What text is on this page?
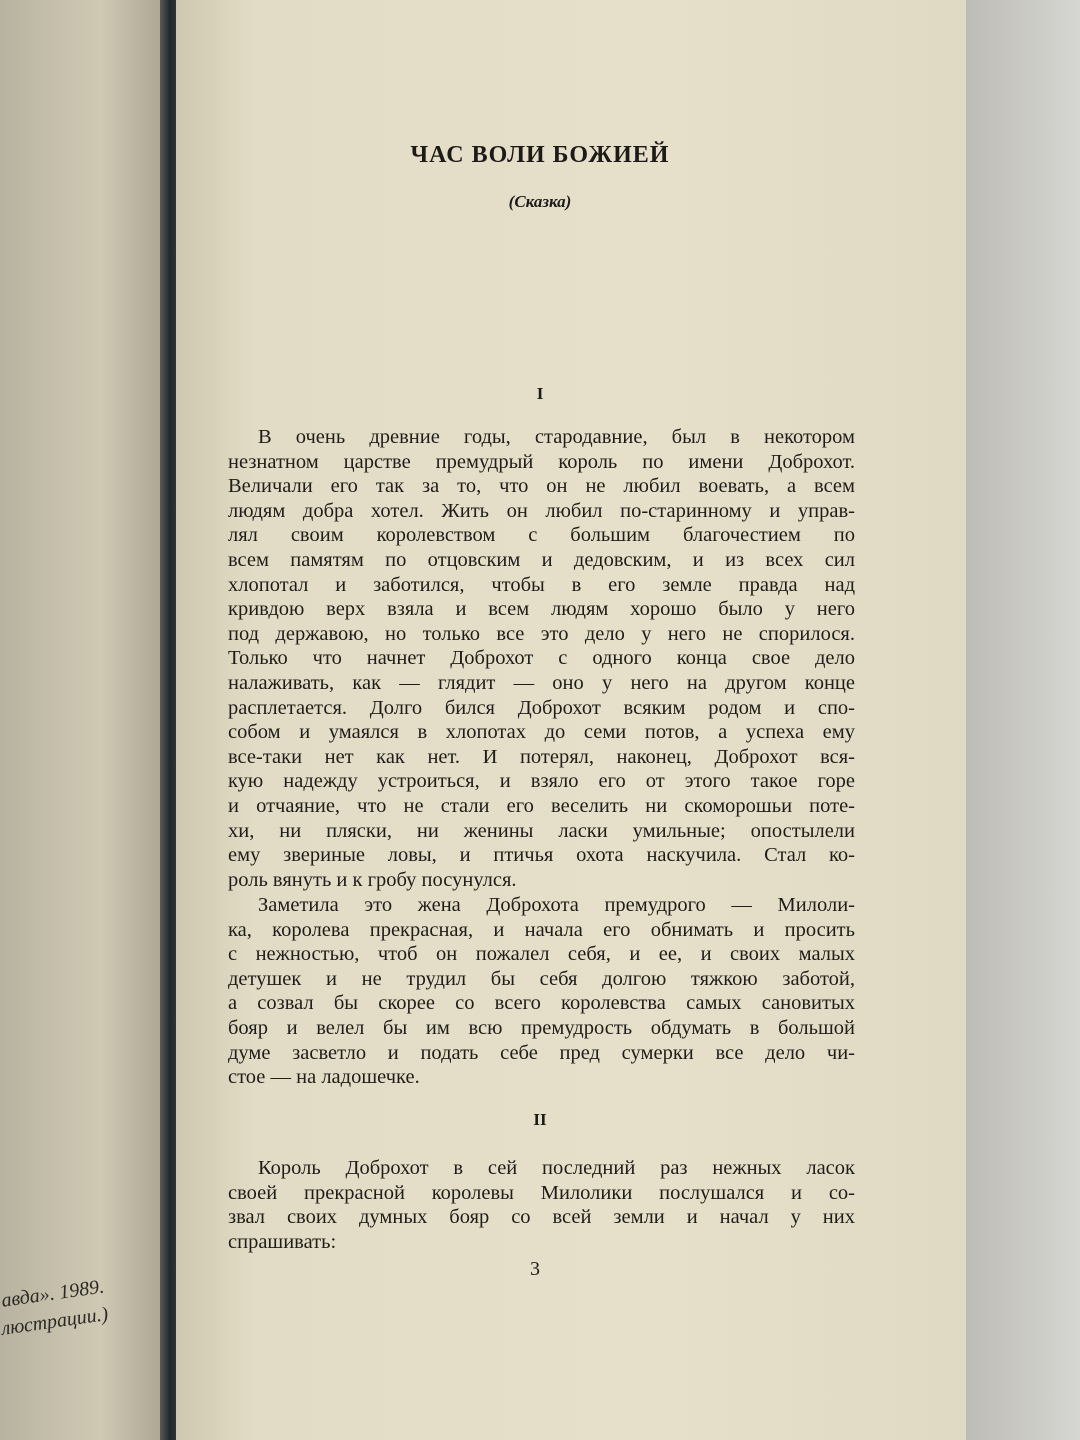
авда». 1989.
люстрации.)
ЧАС ВОЛИ БОЖИЕЙ
(Сказка)
I
II
В очень древние годы, стародавние, был в некотором
незнатном царстве премудрый король по имени Доброхот.
Величали его так за то, что он не любил воевать, а всем
людям добра хотел. Жить он любил по-старинному и управ-
лял своим королевством с большим благочестием по
всем памятям по отцовским и дедовским, и из всех сил
хлопотал и заботился, чтобы в его земле правда над
кривдою верх взяла и всем людям хорошо было у него
под державою, но только все это дело у него не спорилося.
Только что начнет Доброхот с одного конца свое дело
налаживать, как — глядит — оно у него на другом конце
расплетается. Долго бился Доброхот всяким родом и спо-
собом и умаялся в хлопотах до семи потов, а успеха ему
все-таки нет как нет. И потерял, наконец, Доброхот вся-
кую надежду устроиться, и взяло его от этого такое горе
и отчаяние, что не стали его веселить ни скоморошьи поте-
хи, ни пляски, ни женины ласки умильные; опостылели
ему звериные ловы, и птичья охота наскучила. Стал ко-
роль вянуть и к гробу посунулся.
Заметила это жена Доброхота премудрого — Милоли-
ка, королева прекрасная, и начала его обнимать и просить
с нежностью, чтоб он пожалел себя, и ее, и своих малых
детушек и не трудил бы себя долгою тяжкою заботой,
а созвал бы скорее со всего королевства самых сановитых
бояр и велел бы им всю премудрость обдумать в большой
думе засветло и подать себе пред сумерки все дело чи-
стое — на ладошечке.
Король Доброхот в сей последний раз нежных ласок
своей прекрасной королевы Милолики послушался и со-
звал своих думных бояр со всей земли и начал у них
спрашивать:
3
